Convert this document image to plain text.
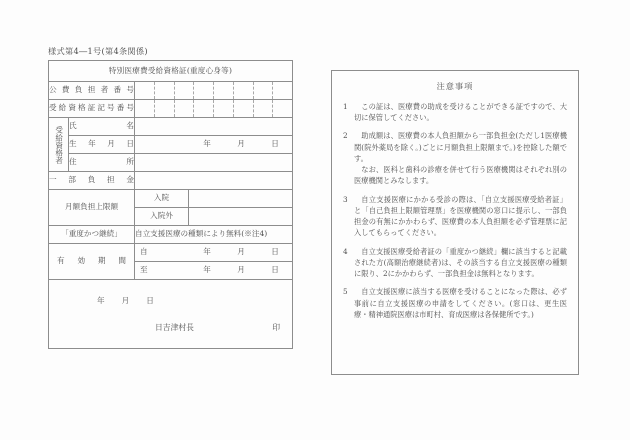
様式第4―1号(第4条関係)
特別医療費受給資格証(重度心身等)		
公費負担者番号		

受給資格証記号番号		

受給資格者	氏名	

	生年月日	年 月 日

	住所	

一部負担金		

月額負担上限額		入院

入院外

「重度かつ継続」		自立支援医療の種類により無料(※注4)
有効期間		自 年 月 日

		至 年 月 日

年 月 日
日吉津村長 印		
注意事項
1	この証は、医療費の助成を受けることができる証ですので、大切に保管してください。

2	助成額は、医療費の本人負担額から一部負担金(ただし1医療機関(院外薬局を除く。)ごとに月額負担上限額まで。)を控除した額です。

なお、医科と歯科の診療を併せて行う医療機関はそれぞれ別の医療機関とみなします。

3	自立支援医療にかかる受診の際は、「自立支援医療受給者証」と「自己負担上限額管理票」を医療機関の窓口に提示し、一部負担金の有無にかかわらず、医療費の本人負担額を必ず管理票に記入してもらってください。

4	自立支援医療受給者証の「重度かつ継続」欄に該当すると記載された方(高額治療継続者)は、その該当する自立支援医療の種類に限り、2にかかわらず、一部負担金は無料となります。

5	自立支援医療に該当する医療を受けることになった際は、必ず事前に自立支援医療の申請をしてください。(窓口は、更生医療・精神通院医療は市町村、育成医療は各保健所です。)
